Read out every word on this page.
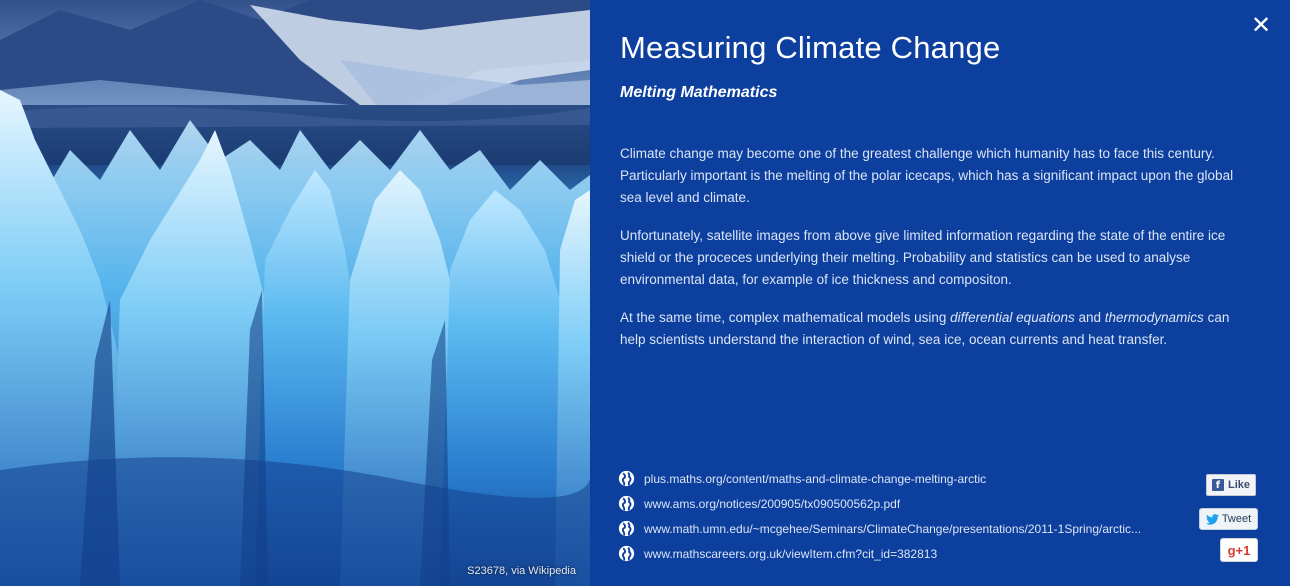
S23678, via Wikipedia
✕
Measuring Climate Change
Melting Mathematics

Climate change may become one of the greatest challenge which humanity has to face this century. Particularly important is the melting of the polar icecaps, which has a significant impact upon the global sea level and climate.

Unfortunately, satellite images from above give limited information regarding the state of the entire ice shield or the proceces underlying their melting. Probability and statistics can be used to analyse environmental data, for example of ice thickness and compositon.

At the same time, complex mathematical models using differential equations and thermodynamics can help scientists understand the interaction of wind, sea ice, ocean currents and heat transfer.

plus.maths.org/content/maths-and-climate-change-melting-arctic
www.ams.org/notices/200905/tx090500562p.pdf
www.math.umn.edu/~mcgehee/Seminars/ClimateChange/presentations/2011-1Spring/arctic...
www.mathscareers.org.uk/viewItem.cfm?cit_id=382813
f Like
Tweet
g+1
